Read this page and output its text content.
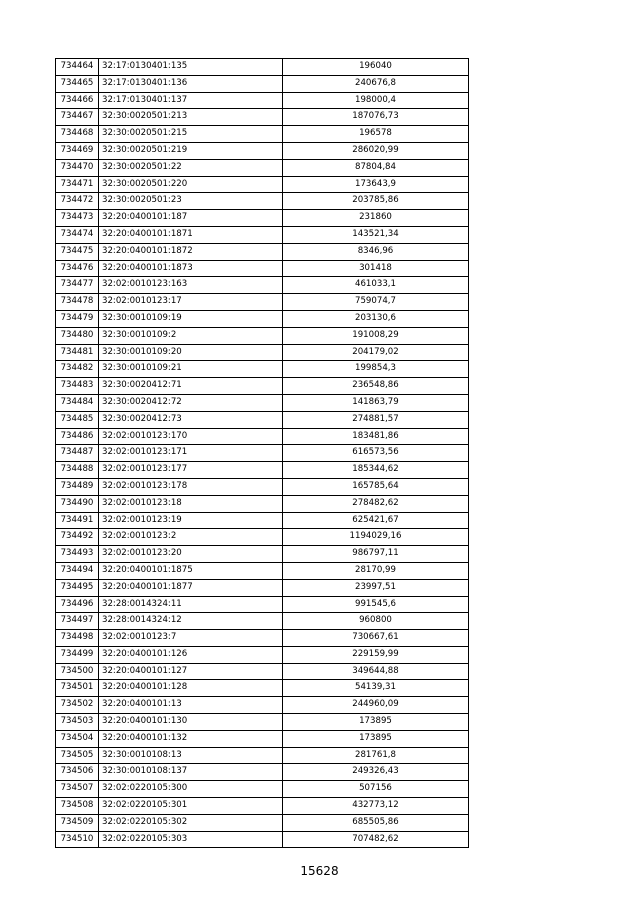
734464	32:17:0130401:135	196040
734465	32:17:0130401:136	240676,8
734466	32:17:0130401:137	198000,4
734467	32:30:0020501:213	187076,73
734468	32:30:0020501:215	196578
734469	32:30:0020501:219	286020,99
734470	32:30:0020501:22	87804,84
734471	32:30:0020501:220	173643,9
734472	32:30:0020501:23	203785,86
734473	32:20:0400101:187	231860
734474	32:20:0400101:1871	143521,34
734475	32:20:0400101:1872	8346,96
734476	32:20:0400101:1873	301418
734477	32:02:0010123:163	461033,1
734478	32:02:0010123:17	759074,7
734479	32:30:0010109:19	203130,6
734480	32:30:0010109:2	191008,29
734481	32:30:0010109:20	204179,02
734482	32:30:0010109:21	199854,3
734483	32:30:0020412:71	236548,86
734484	32:30:0020412:72	141863,79
734485	32:30:0020412:73	274881,57
734486	32:02:0010123:170	183481,86
734487	32:02:0010123:171	616573,56
734488	32:02:0010123:177	185344,62
734489	32:02:0010123:178	165785,64
734490	32:02:0010123:18	278482,62
734491	32:02:0010123:19	625421,67
734492	32:02:0010123:2	1194029,16
734493	32:02:0010123:20	986797,11
734494	32:20:0400101:1875	28170,99
734495	32:20:0400101:1877	23997,51
734496	32:28:0014324:11	991545,6
734497	32:28:0014324:12	960800
734498	32:02:0010123:7	730667,61
734499	32:20:0400101:126	229159,99
734500	32:20:0400101:127	349644,88
734501	32:20:0400101:128	54139,31
734502	32:20:0400101:13	244960,09
734503	32:20:0400101:130	173895
734504	32:20:0400101:132	173895
734505	32:30:0010108:13	281761,8
734506	32:30:0010108:137	249326,43
734507	32:02:0220105:300	507156
734508	32:02:0220105:301	432773,12
734509	32:02:0220105:302	685505,86
734510	32:02:0220105:303	707482,62
15628
